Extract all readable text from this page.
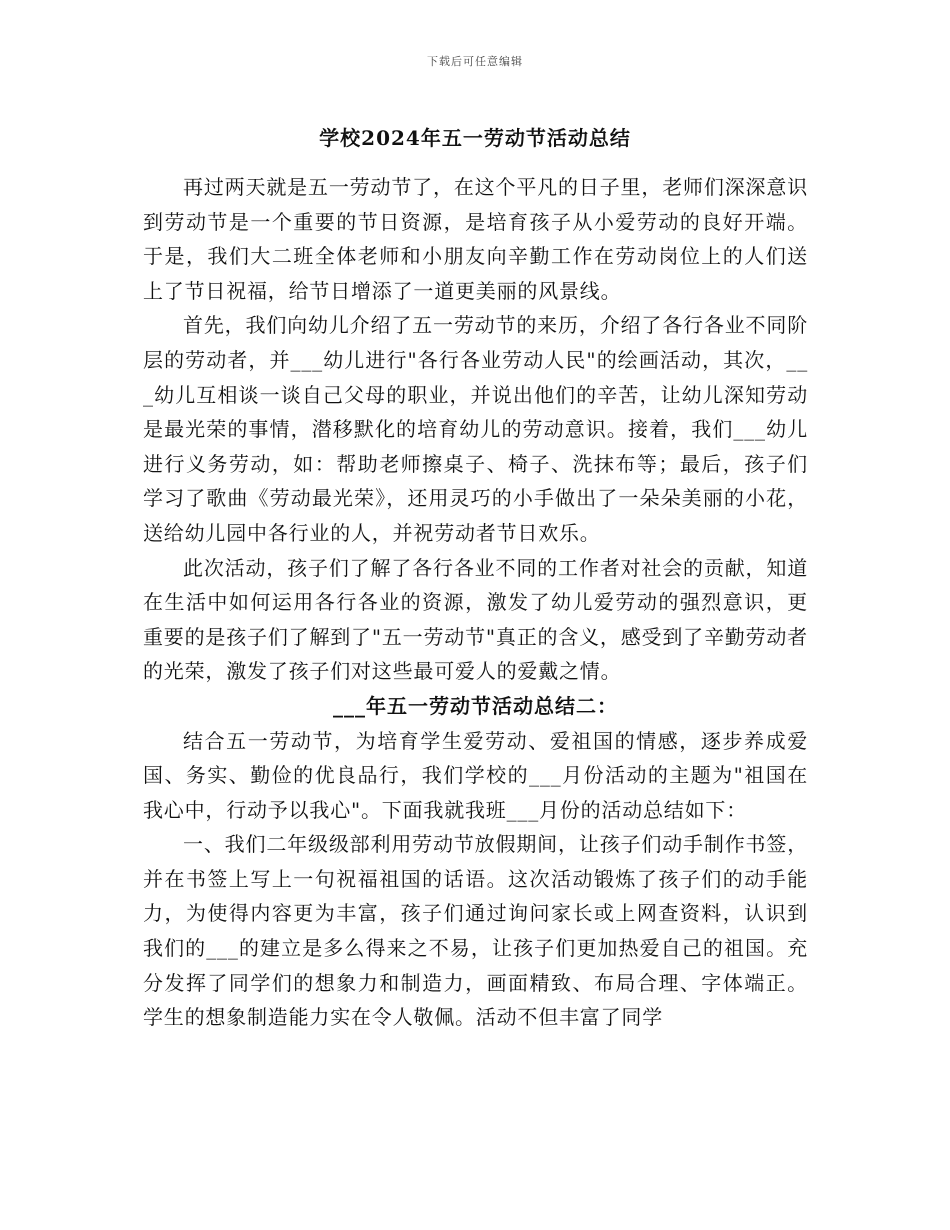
下载后可任意编辑
学校2024年五一劳动节活动总结

再过两天就是五一劳动节了，在这个平凡的日子里，老师们深深意识到劳动节是一个重要的节日资源，是培育孩子从小爱劳动的良好开端。于是，我们大二班全体老师和小朋友向辛勤工作在劳动岗位上的人们送上了节日祝福，给节日增添了一道更美丽的风景线。

首先，我们向幼儿介绍了五一劳动节的来历，介绍了各行各业不同阶层的劳动者，并___幼儿进行"各行各业劳动人民"的绘画活动，其次，___幼儿互相谈一谈自己父母的职业，并说出他们的辛苦，让幼儿深知劳动是最光荣的事情，潜移默化的培育幼儿的劳动意识。接着，我们___幼儿进行义务劳动，如：帮助老师擦桌子、椅子、洗抹布等；最后，孩子们学习了歌曲《劳动最光荣》，还用灵巧的小手做出了一朵朵美丽的小花，送给幼儿园中各行业的人，并祝劳动者节日欢乐。

此次活动，孩子们了解了各行各业不同的工作者对社会的贡献，知道在生活中如何运用各行各业的资源，激发了幼儿爱劳动的强烈意识，更重要的是孩子们了解到了"五一劳动节"真正的含义，感受到了辛勤劳动者的光荣，激发了孩子们对这些最可爱人的爱戴之情。

___年五一劳动节活动总结二：

结合五一劳动节，为培育学生爱劳动、爱祖国的情感，逐步养成爱国、务实、勤俭的优良品行，我们学校的___月份活动的主题为"祖国在我心中，行动予以我心"。下面我就我班___月份的活动总结如下：

一、我们二年级级部利用劳动节放假期间，让孩子们动手制作书签，并在书签上写上一句祝福祖国的话语。这次活动锻炼了孩子们的动手能力，为使得内容更为丰富，孩子们通过询问家长或上网查资料，认识到我们的___的建立是多么得来之不易，让孩子们更加热爱自己的祖国。充分发挥了同学们的想象力和制造力，画面精致、布局合理、字体端正。学生的想象制造能力实在令人敬佩。活动不但丰富了同学
